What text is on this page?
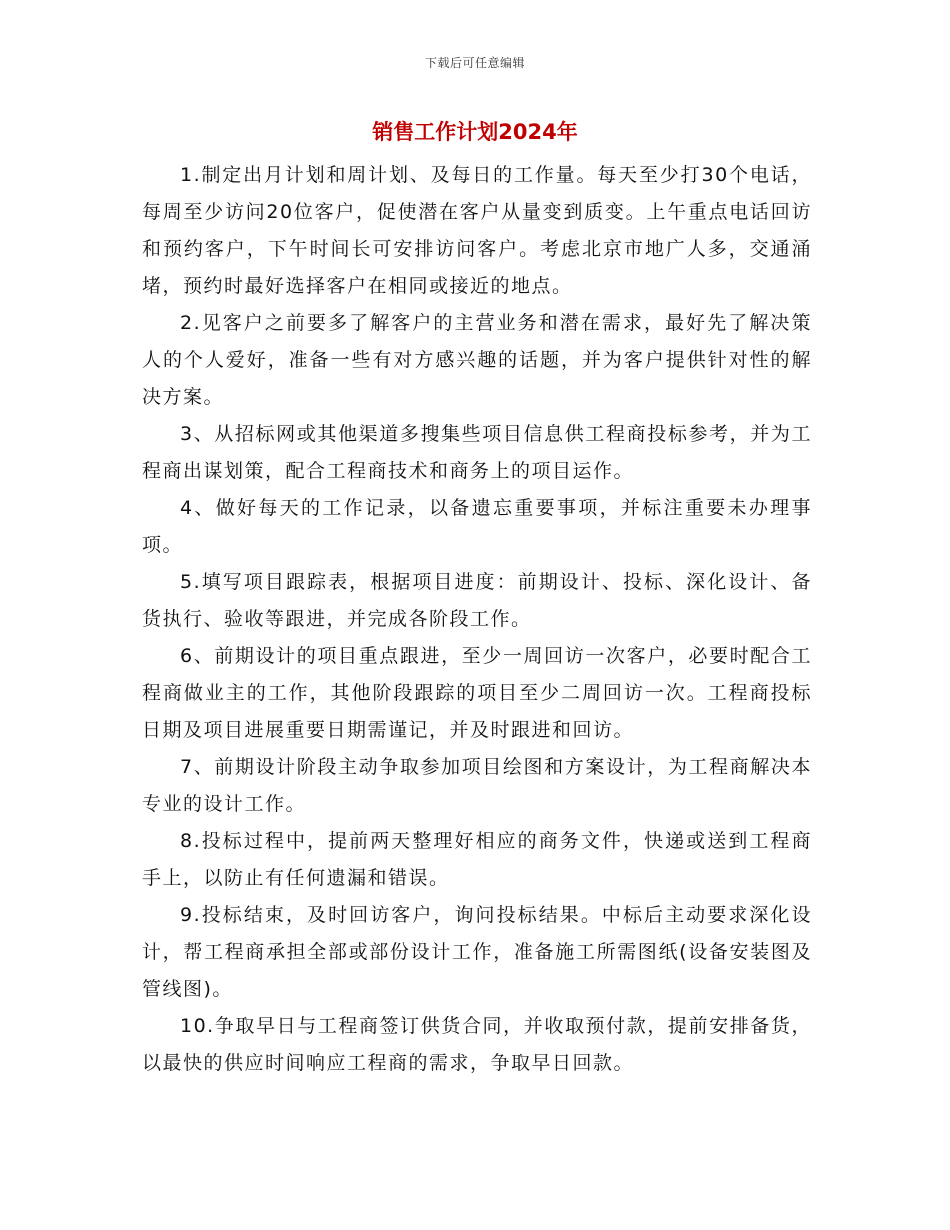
下载后可任意编辑
销售工作计划2024年

1.制定出月计划和周计划、及每日的工作量。每天至少打30个电话，每周至少访问20位客户，促使潜在客户从量变到质变。上午重点电话回访和预约客户，下午时间长可安排访问客户。考虑北京市地广人多，交通涌堵，预约时最好选择客户在相同或接近的地点。

2.见客户之前要多了解客户的主营业务和潜在需求，最好先了解决策人的个人爱好，准备一些有对方感兴趣的话题，并为客户提供针对性的解决方案。

3、从招标网或其他渠道多搜集些项目信息供工程商投标参考，并为工程商出谋划策，配合工程商技术和商务上的项目运作。

4、做好每天的工作记录，以备遗忘重要事项，并标注重要未办理事项。

5.填写项目跟踪表，根据项目进度：前期设计、投标、深化设计、备货执行、验收等跟进，并完成各阶段工作。

6、前期设计的项目重点跟进，至少一周回访一次客户，必要时配合工程商做业主的工作，其他阶段跟踪的项目至少二周回访一次。工程商投标日期及项目进展重要日期需谨记，并及时跟进和回访。

7、前期设计阶段主动争取参加项目绘图和方案设计，为工程商解决本专业的设计工作。

8.投标过程中，提前两天整理好相应的商务文件，快递或送到工程商手上，以防止有任何遗漏和错误。

9.投标结束，及时回访客户，询问投标结果。中标后主动要求深化设计，帮工程商承担全部或部份设计工作，准备施工所需图纸(设备安装图及管线图)。

10.争取早日与工程商签订供货合同，并收取预付款，提前安排备货，以最快的供应时间响应工程商的需求，争取早日回款。
